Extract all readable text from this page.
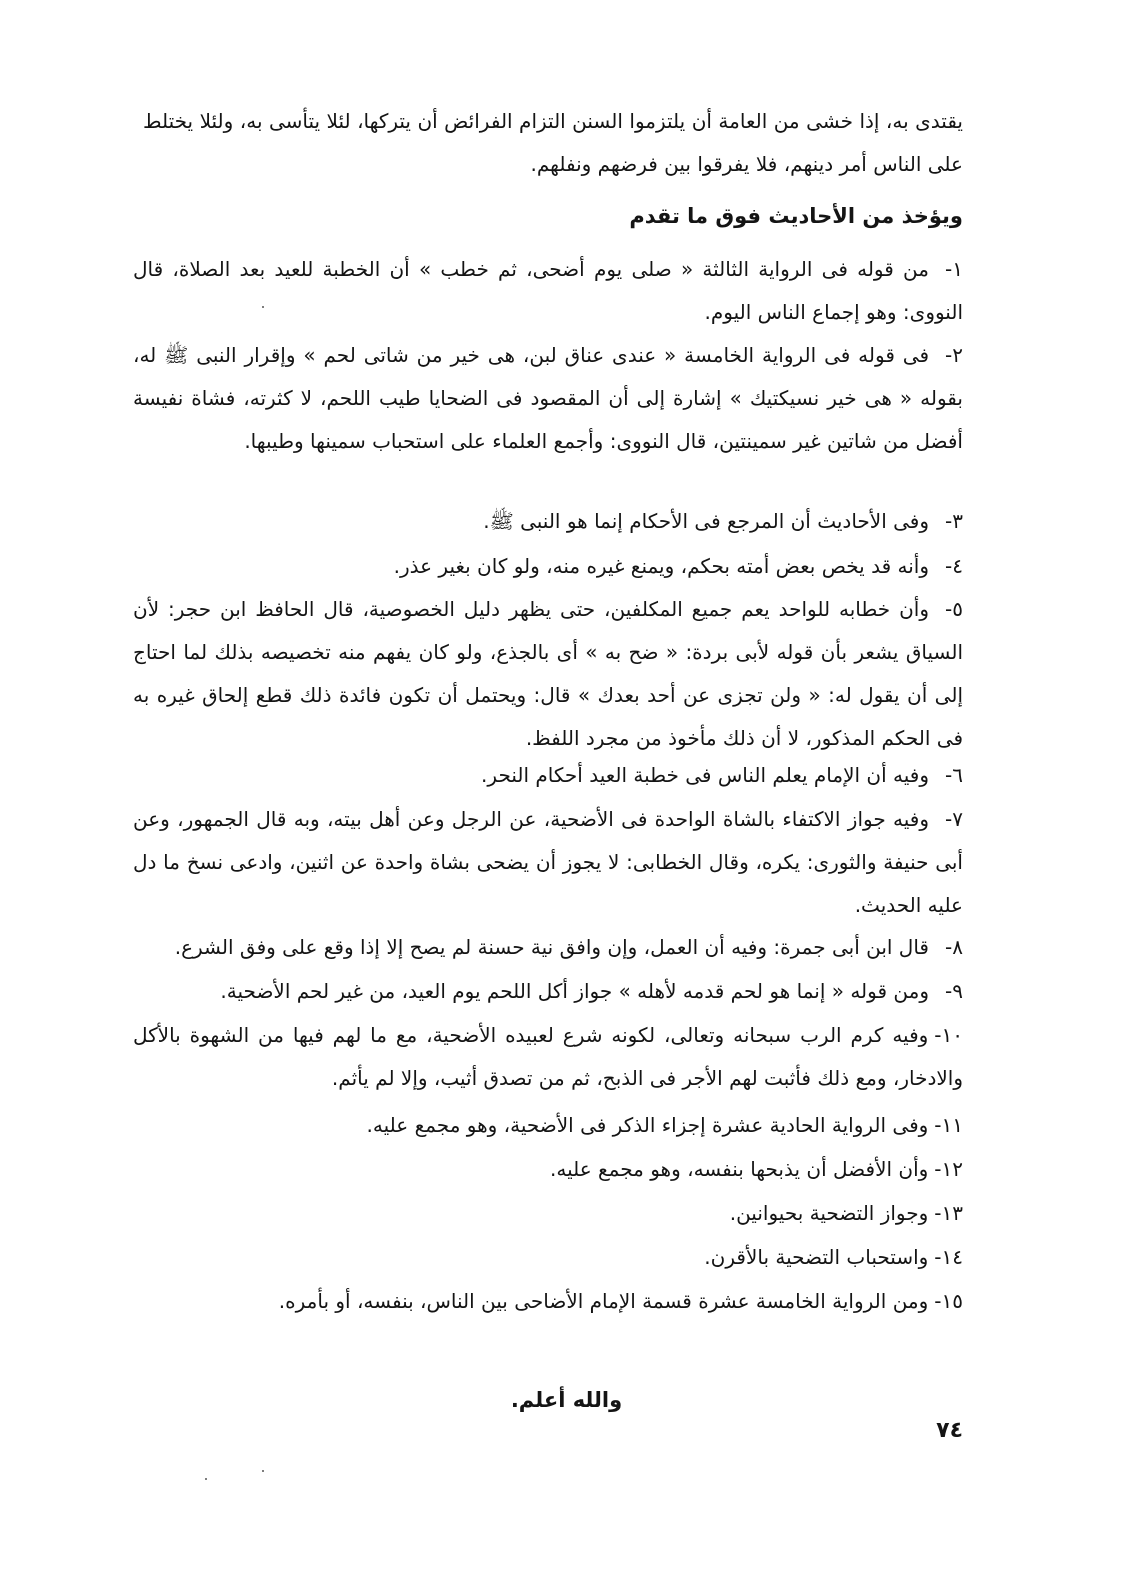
يقتدى به، إذا خشى من العامة أن يلتزموا السنن التزام الفرائض أن يتركها، لئلا يتأسى به، ولئلا يختلط على الناس أمر دينهم، فلا يفرقوا بين فرضهم ونفلهم.
ويؤخذ من الأحاديث فوق ما تقدم
١-من قوله فى الرواية الثالثة « صلى يوم أضحى، ثم خطب » أن الخطبة للعيد بعد الصلاة، قال النووى: وهو إجماع الناس اليوم.
٢-فى قوله فى الرواية الخامسة « عندى عناق لبن، هى خير من شاتى لحم » وإقرار النبى ﷺ له، بقوله « هى خير نسيكتيك » إشارة إلى أن المقصود فى الضحايا طيب اللحم، لا كثرته، فشاة نفيسة أفضل من شاتين غير سمينتين، قال النووى: وأجمع العلماء على استحباب سمينها وطيبها.
٣-وفى الأحاديث أن المرجع فى الأحكام إنما هو النبى ﷺ.
٤-وأنه قد يخص بعض أمته بحكم، ويمنع غيره منه، ولو كان بغير عذر.
٥-وأن خطابه للواحد يعم جميع المكلفين، حتى يظهر دليل الخصوصية، قال الحافظ ابن حجر: لأن السياق يشعر بأن قوله لأبى بردة: « ضح به » أى بالجذع، ولو كان يفهم منه تخصيصه بذلك لما احتاج إلى أن يقول له: « ولن تجزى عن أحد بعدك » قال: ويحتمل أن تكون فائدة ذلك قطع إلحاق غيره به فى الحكم المذكور، لا أن ذلك مأخوذ من مجرد اللفظ.
٦-وفيه أن الإمام يعلم الناس فى خطبة العيد أحكام النحر.
٧-وفيه جواز الاكتفاء بالشاة الواحدة فى الأضحية، عن الرجل وعن أهل بيته، وبه قال الجمهور، وعن أبى حنيفة والثورى: يكره، وقال الخطابى: لا يجوز أن يضحى بشاة واحدة عن اثنين، وادعى نسخ ما دل عليه الحديث.
٨-قال ابن أبى جمرة: وفيه أن العمل، وإن وافق نية حسنة لم يصح إلا إذا وقع على وفق الشرع.
٩-ومن قوله « إنما هو لحم قدمه لأهله » جواز أكل اللحم يوم العيد، من غير لحم الأضحية.
١٠-وفيه كرم الرب سبحانه وتعالى، لكونه شرع لعبيده الأضحية، مع ما لهم فيها من الشهوة بالأكل والادخار، ومع ذلك فأثبت لهم الأجر فى الذبح، ثم من تصدق أثيب، وإلا لم يأثم.
١١-وفى الرواية الحادية عشرة إجزاء الذكر فى الأضحية، وهو مجمع عليه.
١٢-وأن الأفضل أن يذبحها بنفسه، وهو مجمع عليه.
١٣-وجواز التضحية بحيوانين.
١٤-واستحباب التضحية بالأقرن.
١٥-ومن الرواية الخامسة عشرة قسمة الإمام الأضاحى بين الناس، بنفسه، أو بأمره.
والله أعلم.
٧٤
